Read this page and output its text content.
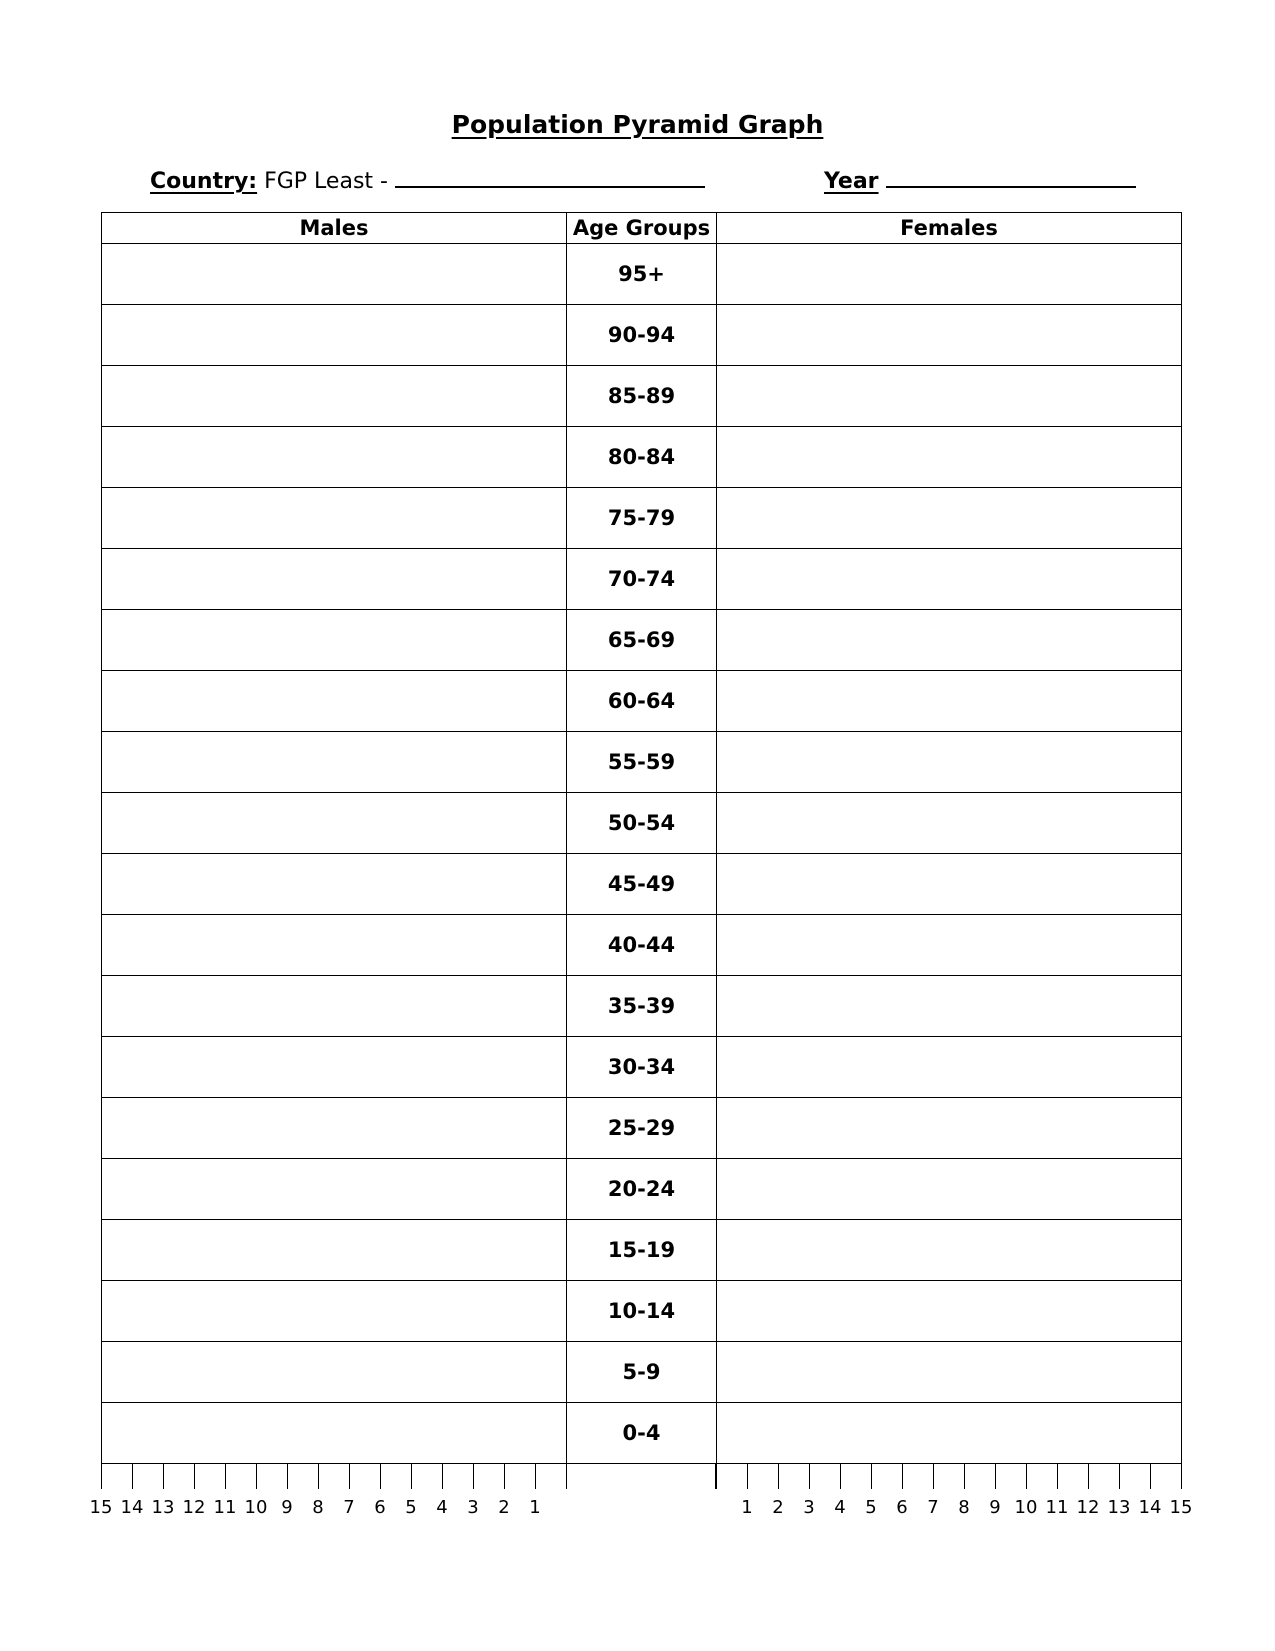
Population Pyramid Graph
Country: FGP Least -	Year
Males	Age Groups	Females
	95+	
	90-94	
	85-89	
	80-84	
	75-79	
	70-74	
	65-69	
	60-64	
	55-59	
	50-54	
	45-49	
	40-44	
	35-39	
	30-34	
	25-29	
	20-24	
	15-19	
	10-14	
	5-9	
	0-4	
15 14 13 12 11 10 9 8 7 6 5 4 3 2 1	1 2 3 4 5 6 7 8 9 10 11 12 13 14 15
